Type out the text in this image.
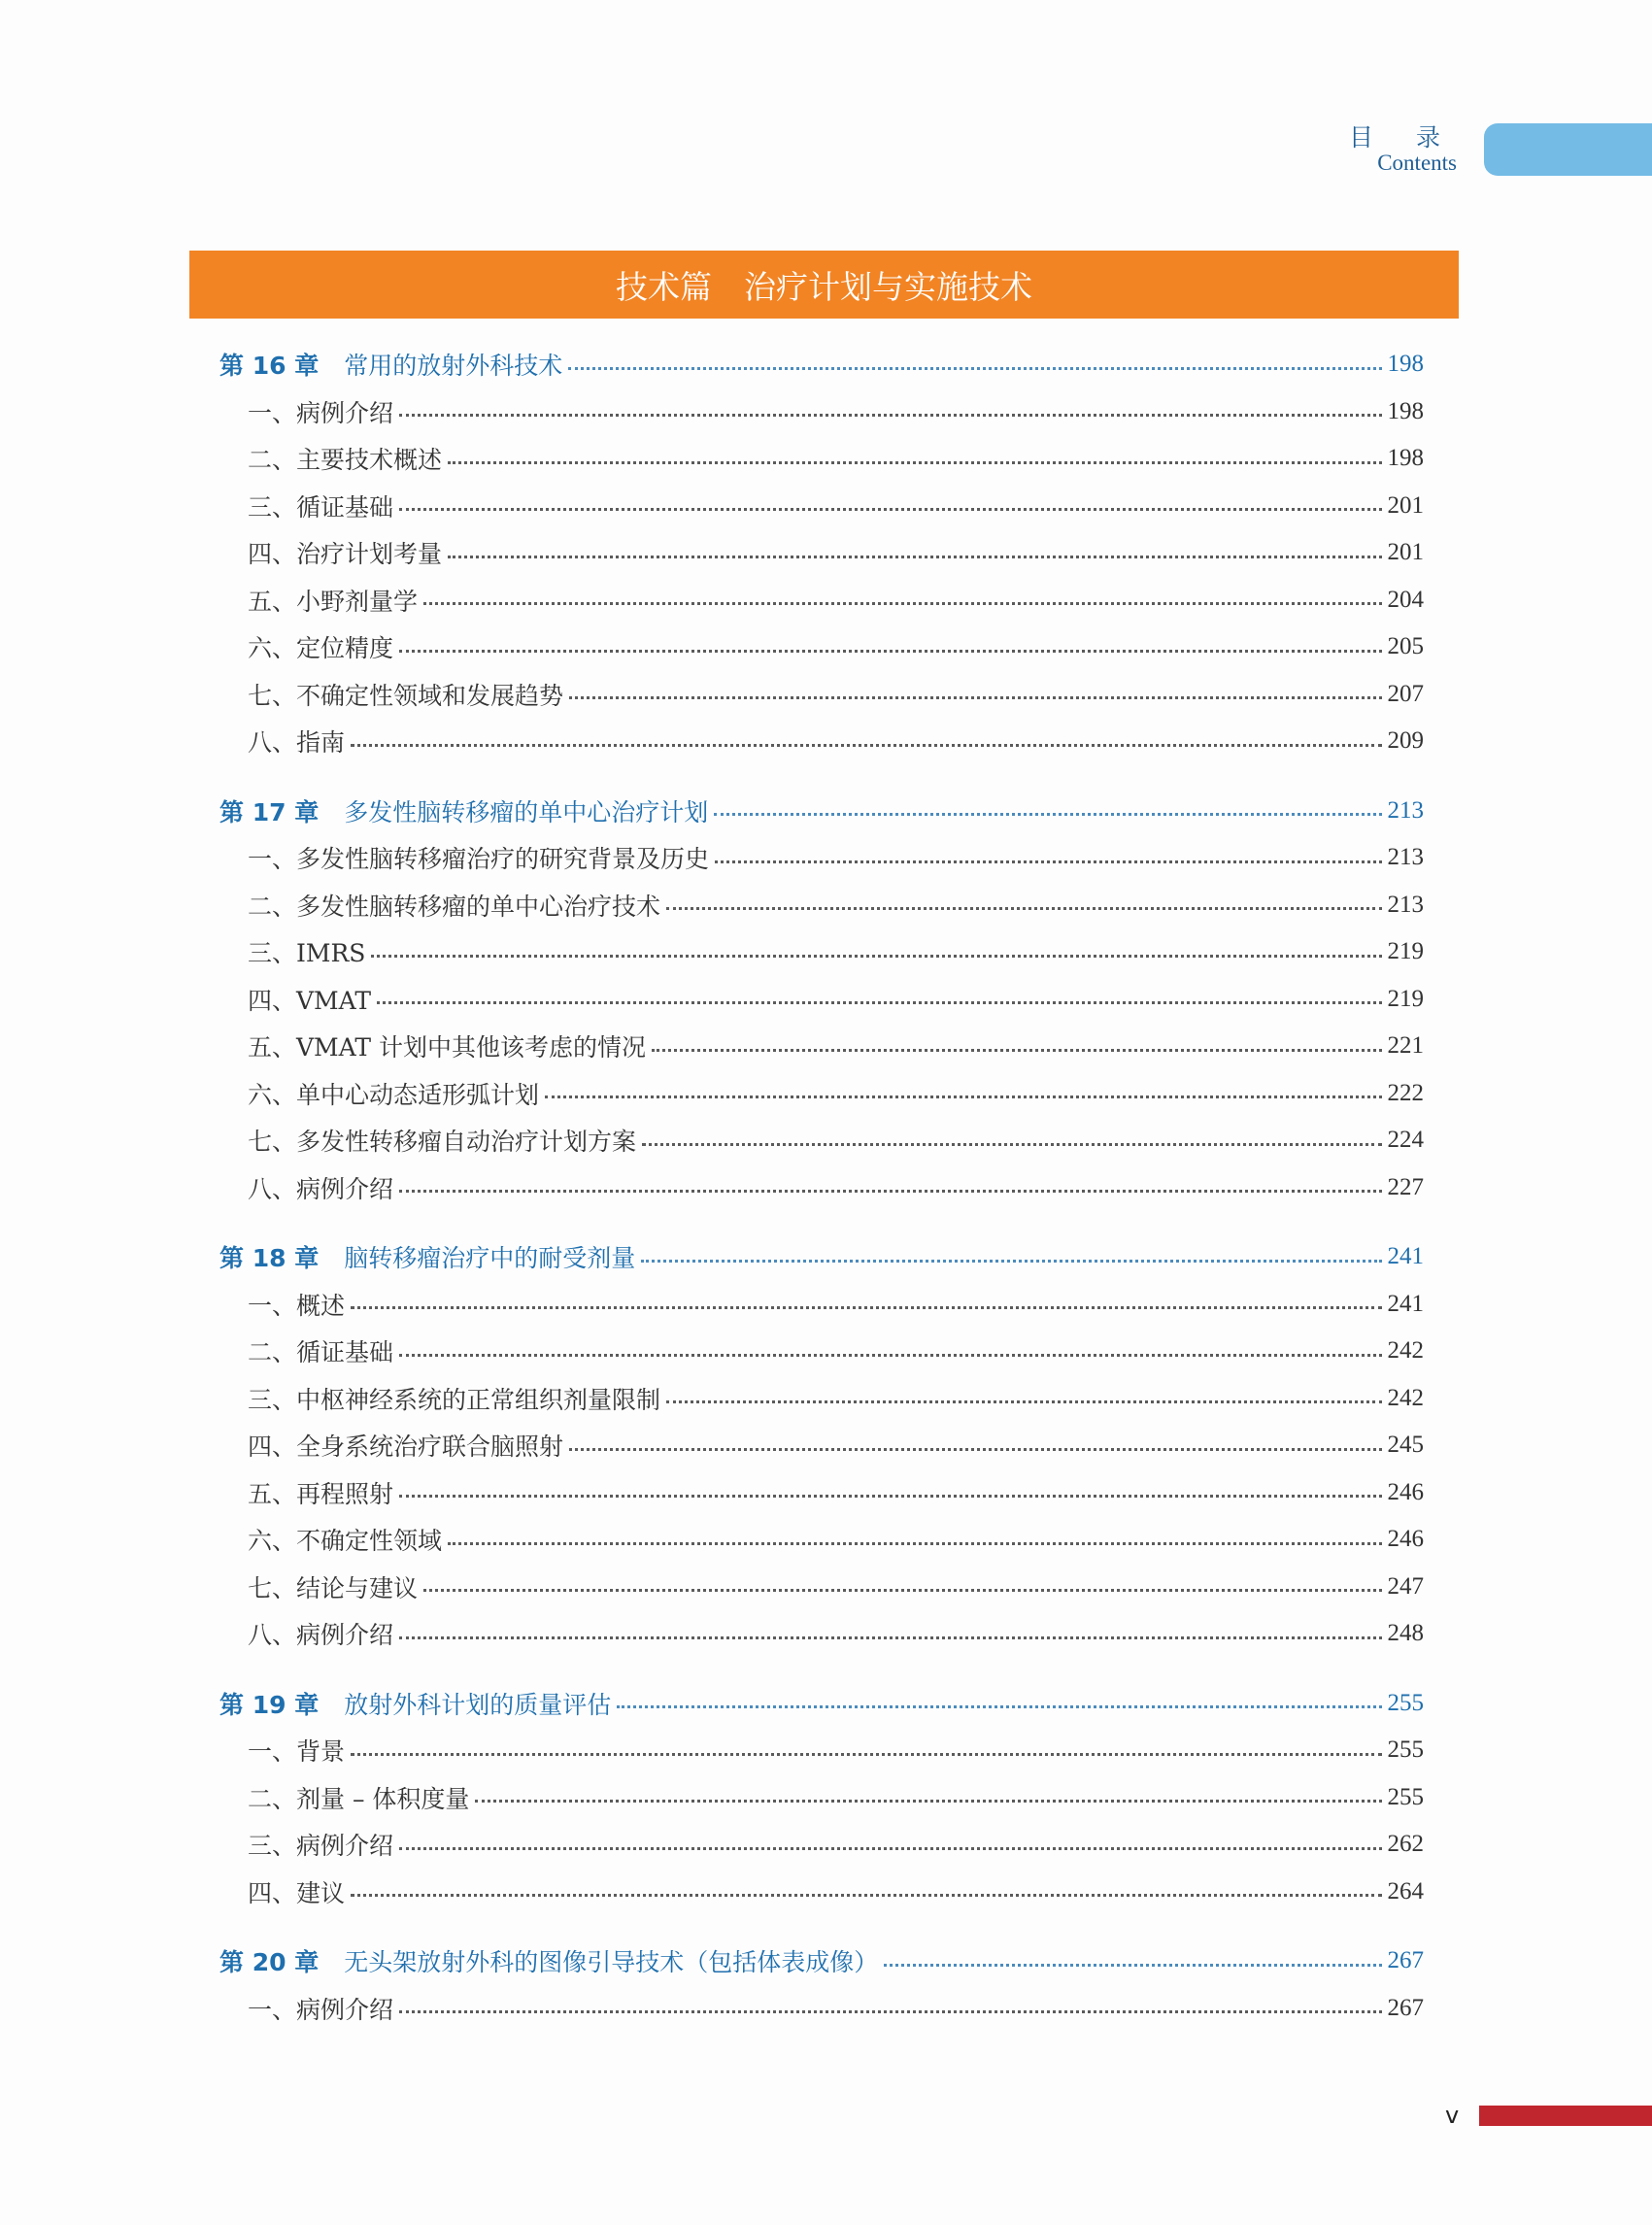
目 录
Contents
技术篇　治疗计划与实施技术
第 16 章 常用的放射外科技术	198
一、病例介绍	198
二、主要技术概述	198
三、循证基础	201
四、治疗计划考量	201
五、小野剂量学	204
六、定位精度	205
七、不确定性领域和发展趋势	207
八、指南	209
第 17 章 多发性脑转移瘤的单中心治疗计划	213
一、多发性脑转移瘤治疗的研究背景及历史	213
二、多发性脑转移瘤的单中心治疗技术	213
三、IMRS	219
四、VMAT	219
五、VMAT 计划中其他该考虑的情况	221
六、单中心动态适形弧计划	222
七、多发性转移瘤自动治疗计划方案	224
八、病例介绍	227
第 18 章 脑转移瘤治疗中的耐受剂量	241
一、概述	241
二、循证基础	242
三、中枢神经系统的正常组织剂量限制	242
四、全身系统治疗联合脑照射	245
五、再程照射	246
六、不确定性领域	246
七、结论与建议	247
八、病例介绍	248
第 19 章 放射外科计划的质量评估	255
一、背景	255
二、剂量 – 体积度量	255
三、病例介绍	262
四、建议	264
第 20 章 无头架放射外科的图像引导技术（包括体表成像）	267
一、病例介绍	267
v
